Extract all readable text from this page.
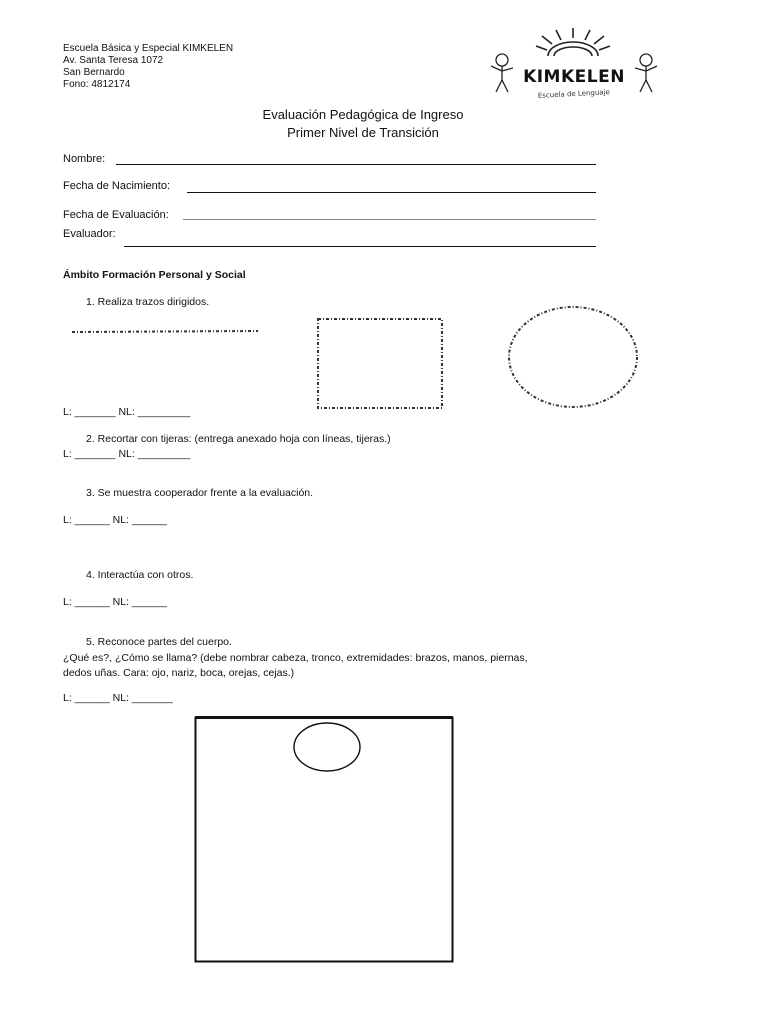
Escuela Básica y Especial KIMKELEN
Av. Santa Teresa 1072
San Bernardo
Fono: 4812174	KIMKELEN
Escuela de Lenguaje
Evaluación Pedagógica de Ingreso
Primer Nivel de Transición
Nombre:
Fecha de Nacimiento:
Fecha de Evaluación:
Evaluador:
Ámbito Formación Personal y Social
1. Realiza trazos dirigidos.
L: _______ NL: _________
2. Recortar con tijeras: (entrega anexado hoja con líneas, tijeras.)
L: _______ NL: _________
3. Se muestra cooperador frente a la evaluación.
L: ______ NL: ______
4. Interactúa con otros.
L: ______ NL: ______
5. Reconoce partes del cuerpo.
¿Qué es?, ¿Cómo se llama? (debe nombrar cabeza, tronco, extremidades: brazos, manos, piernas,
dedos uñas. Cara: ojo, nariz, boca, orejas, cejas.)
L: ______ NL: _______
